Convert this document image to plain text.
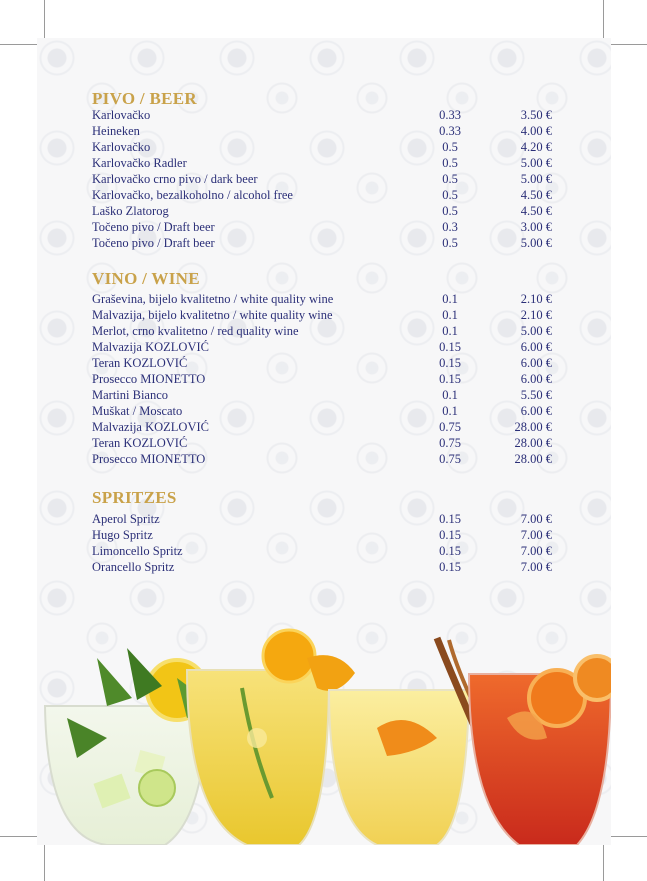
PIVO / BEER
Karlovačko	0.33	3.50 €
Heineken	0.33	4.00 €
Karlovačko	0.5	4.20 €
Karlovačko Radler	0.5	5.00 €
Karlovačko crno pivo / dark beer	0.5	5.00 €
Karlovačko, bezalkoholno / alcohol free	0.5	4.50 €
Laško Zlatorog	0.5	4.50 €
Točeno pivo / Draft beer	0.3	3.00 €
Točeno pivo / Draft beer	0.5	5.00 €
VINO / WINE
Graševina, bijelo kvalitetno / white quality wine	0.1	2.10 €
Malvazija, bijelo kvalitetno / white quality wine	0.1	2.10 €
Merlot, crno kvalitetno / red quality wine	0.1	5.00 €
Malvazija KOZLOVIĆ	0.15	6.00 €
Teran KOZLOVIĆ	0.15	6.00 €
Prosecco MIONETTO	0.15	6.00 €
Martini Bianco	0.1	5.50 €
Muškat / Moscato	0.1	6.00 €
Malvazija KOZLOVIĆ	0.75	28.00 €
Teran KOZLOVIĆ	0.75	28.00 €
Prosecco MIONETTO	0.75	28.00 €
SPRITZES
Aperol Spritz	0.15	7.00 €
Hugo Spritz	0.15	7.00 €
Limoncello Spritz	0.15	7.00 €
Orancello Spritz	0.15	7.00 €
